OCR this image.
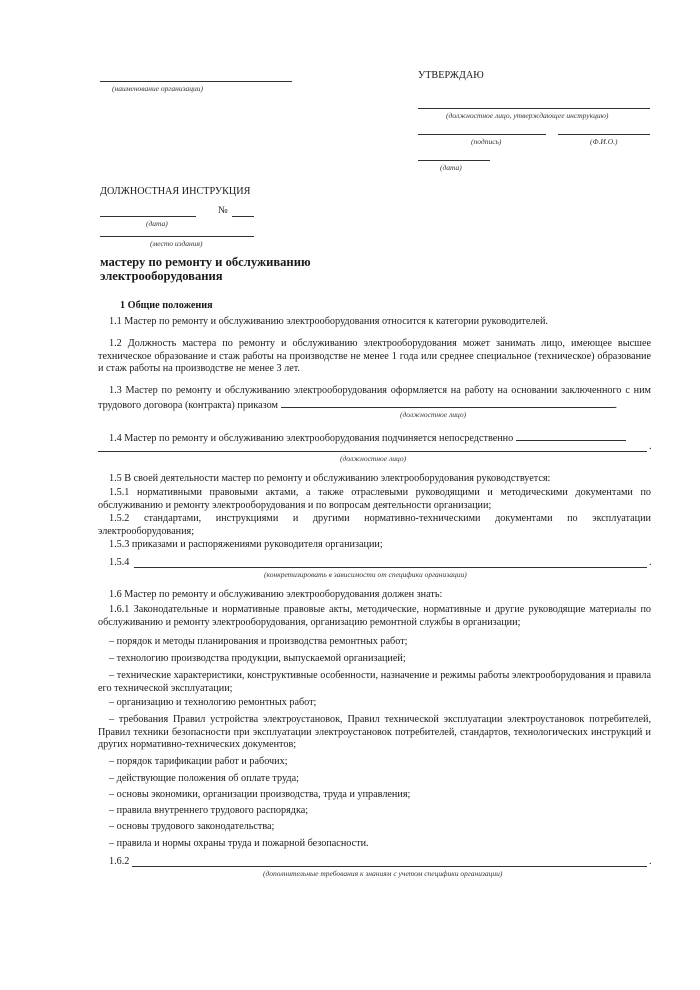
(наименование организации)
УТВЕРЖДАЮ
(должностное лицо, утверждающее инструкцию)
(подпись)	(Ф.И.О.)
(дата)
ДОЛЖНОСТНАЯ ИНСТРУКЦИЯ
№
(дата)
(место издания)
мастеру по ремонту и обслуживанию
электрооборудования
1 Общие положения
1.1 Мастер по ремонту и обслуживанию электрооборудования относится к категории руководителей.
1.2 Должность мастера по ремонту и обслуживанию электрооборудования может занимать лицо, имеющее высшее техническое образование и стаж работы на производстве не менее 1 года или среднее специальное (техническое) образование и стаж работы на производстве не менее 3 лет.
1.3 Мастер по ремонту и обслуживанию электрооборудования оформляется на работу на основании заключенного с ним трудового договора (контракта) приказом	.
(должностное лицо)
1.4 Мастер по ремонту и обслуживанию электрооборудования подчиняется непосредственно
.
(должностное лицо)
1.5 В своей деятельности мастер по ремонту и обслуживанию электрооборудования руководствуется:
1.5.1 нормативными правовыми актами, а также отраслевыми руководящими и методическими документами по обслуживанию и ремонту электрооборудования и по вопросам деятельности организации;
1.5.2 стандартами, инструкциями и другими нормативно-техническими документами по эксплуатации электрооборудования;
1.5.3 приказами и распоряжениями руководителя организации;
1.5.4	.
(конкретизировать в зависимости от специфики организации)
1.6 Мастер по ремонту и обслуживанию электрооборудования должен знать:
1.6.1 Законодательные и нормативные правовые акты, методические, нормативные и другие руководящие материалы по обслуживанию и ремонту электрооборудования, организацию ремонтной службы в организации;
– порядок и методы планирования и производства ремонтных работ;
– технологию производства продукции, выпускаемой организацией;
– технические характеристики, конструктивные особенности, назначение и режимы работы электрооборудования и правила его технической эксплуатации;
– организацию и технологию ремонтных работ;
– требования Правил устройства электроустановок, Правил технической эксплуатации электроустановок потребителей, Правил техники безопасности при эксплуатации электроустановок потребителей, стандартов, технологических инструкций и других нормативно-технических документов;
– порядок тарификации работ и рабочих;
– действующие положения об оплате труда;
– основы экономики, организации производства, труда и управления;
– правила внутреннего трудового распорядка;
– основы трудового законодательства;
– правила и нормы охраны труда и пожарной безопасности.
1.6.2	.
(дополнительные требования к знаниям с учетом специфики организации)
